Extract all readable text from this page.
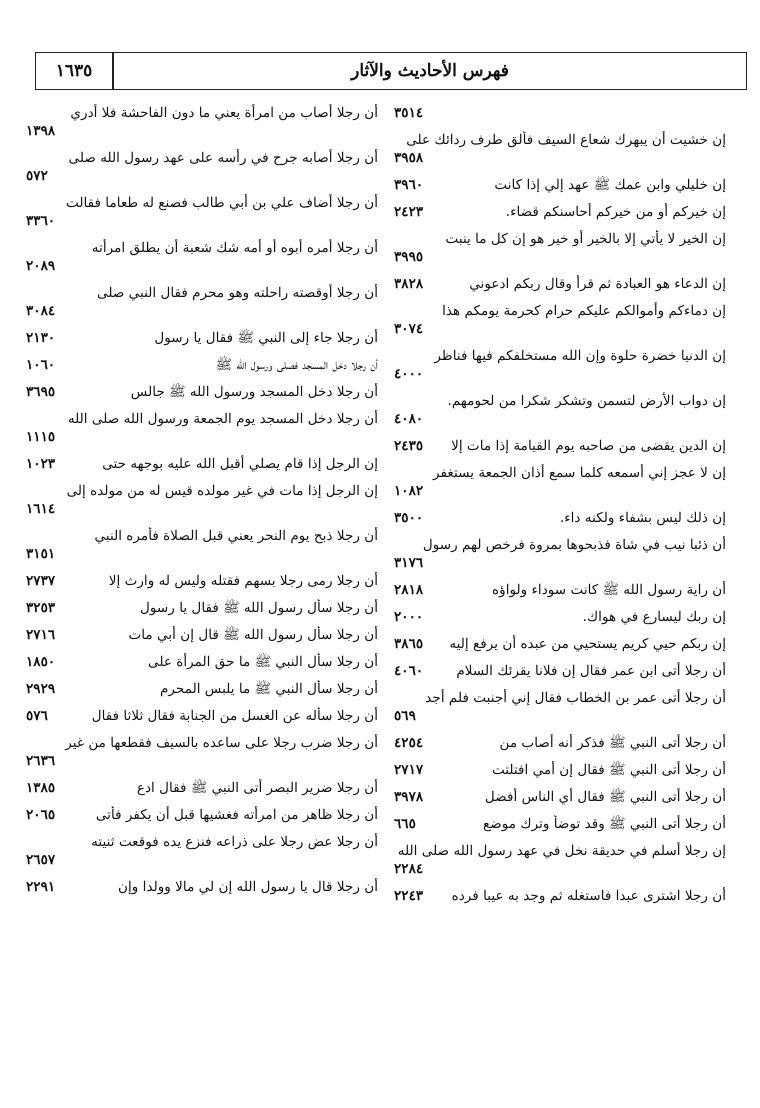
١٦٣٥	فهرس الأحاديث والآثار
٣٥١٤
إن خشيت أن يبهرك شعاع السيف فألق طرف ردائك على
٣٩٥٨
إن خليلي وابن عمك ﷺ عهد إلي إذا كانت
٣٩٦٠
إن خيركم أو من خيركم أحاسنكم قضاء.
٢٤٢٣
إن الخير لا يأتي إلا بالخير أو خير هو إن كل ما ينبت
٣٩٩٥
إن الدعاء هو العبادة ثم قرأ وقال ربكم ادعوني
٣٨٢٨
إن دماءكم وأموالكم عليكم حرام كحرمة يومكم هذا
٣٠٧٤
إن الدنيا خضرة حلوة وإن الله مستخلفكم فيها فناظر
٤٠٠٠
إن دواب الأرض لتسمن وتشكر شكرا من لحومهم.
٤٠٨٠
إن الدين يقضى من صاحبه يوم القيامة إذا مات إلا
٢٤٣٥
إن لا عجز إني أسمعه كلما سمع أذان الجمعة يستغفر
١٠٨٢
إن ذلك ليس بشفاء ولكنه داء.
٣٥٠٠
أن ذئبا نيب في شاة فذبحوها بمروة فرخص لهم رسول
٣١٧٦
أن راية رسول الله ﷺ كانت سوداء ولواؤه
٢٨١٨
إن ربك ليسارع في هواك.
٢٠٠٠
إن ربكم حيي كريم يستحيي من عبده أن يرفع إليه
٣٨٦٥
أن رجلا أتى ابن عمر فقال إن فلانا يقرئك السلام
٤٠٦٠
أن رجلا أتى عمر بن الخطاب فقال إني أجنبت فلم أجد
٥٦٩
أن رجلا أتى النبي ﷺ فذكر أنه أصاب من
٤٢٥٤
أن رجلا أتى النبي ﷺ فقال إن أمي افتلتت
٢٧١٧
أن رجلا أتى النبي ﷺ فقال أي الناس أفضل
٣٩٧٨
أن رجلا أتى النبي ﷺ وقد توضأ وترك موضع
٦٦٥
إن رجلا أسلم في حديقة نخل في عهد رسول الله صلى الله
٢٢٨٤
أن رجلا اشترى عبدا فاستغله ثم وجد به عيبا فرده
٢٢٤٣
أن رجلا أصاب من امرأة يعني ما دون الفاحشة فلا أدري
١٣٩٨
أن رجلا أصابه جرح في رأسه على عهد رسول الله صلى
٥٧٢
أن رجلا أضاف علي بن أبي طالب فصنع له طعاما فقالت
٣٣٦٠
أن رجلا أمره أبوه أو أمه شك شعبة أن يطلق امرأته
٢٠٨٩
أن رجلا أوقصته راحلته وهو محرم فقال النبي صلى
٣٠٨٤
أن رجلا جاء إلى النبي ﷺ فقال يا رسول
٢١٣٠
أن رجلا دخل المسجد فصلى ورسول الله ﷺ
١٠٦٠
أن رجلا دخل المسجد ورسول الله ﷺ جالس
٣٦٩٥
أن رجلا دخل المسجد يوم الجمعة ورسول الله صلى الله
١١١٥
إن الرجل إذا قام يصلي أقبل الله عليه بوجهه حتى
١٠٢٣
إن الرجل إذا مات في غير مولده قيس له من مولده إلى
١٦١٤
أن رجلا ذبح يوم النحر يعني قبل الصلاة فأمره النبي
٣١٥١
أن رجلا رمى رجلا بسهم فقتله وليس له وارث إلا
٢٧٣٧
أن رجلا سأل رسول الله ﷺ فقال يا رسول
٣٢٥٣
أن رجلا سأل رسول الله ﷺ قال إن أبي مات
٢٧١٦
أن رجلا سأل النبي ﷺ ما حق المرأة على
١٨٥٠
أن رجلا سأل النبي ﷺ ما يلبس المحرم
٢٩٢٩
أن رجلا سأله عن الغسل من الجنابة فقال ثلاثا فقال
٥٧٦
أن رجلا ضرب رجلا على ساعده بالسيف فقطعها من غير
٢٦٣٦
أن رجلا ضرير البصر أتى النبي ﷺ فقال ادع
١٣٨٥
أن رجلا ظاهر من امرأته فغشيها قبل أن يكفر فأتى
٢٠٦٥
أن رجلا عض رجلا على ذراعه فنزع يده فوقعت ثنيته
٢٦٥٧
أن رجلا قال يا رسول الله إن لي مالا وولدا وإن
٢٢٩١
